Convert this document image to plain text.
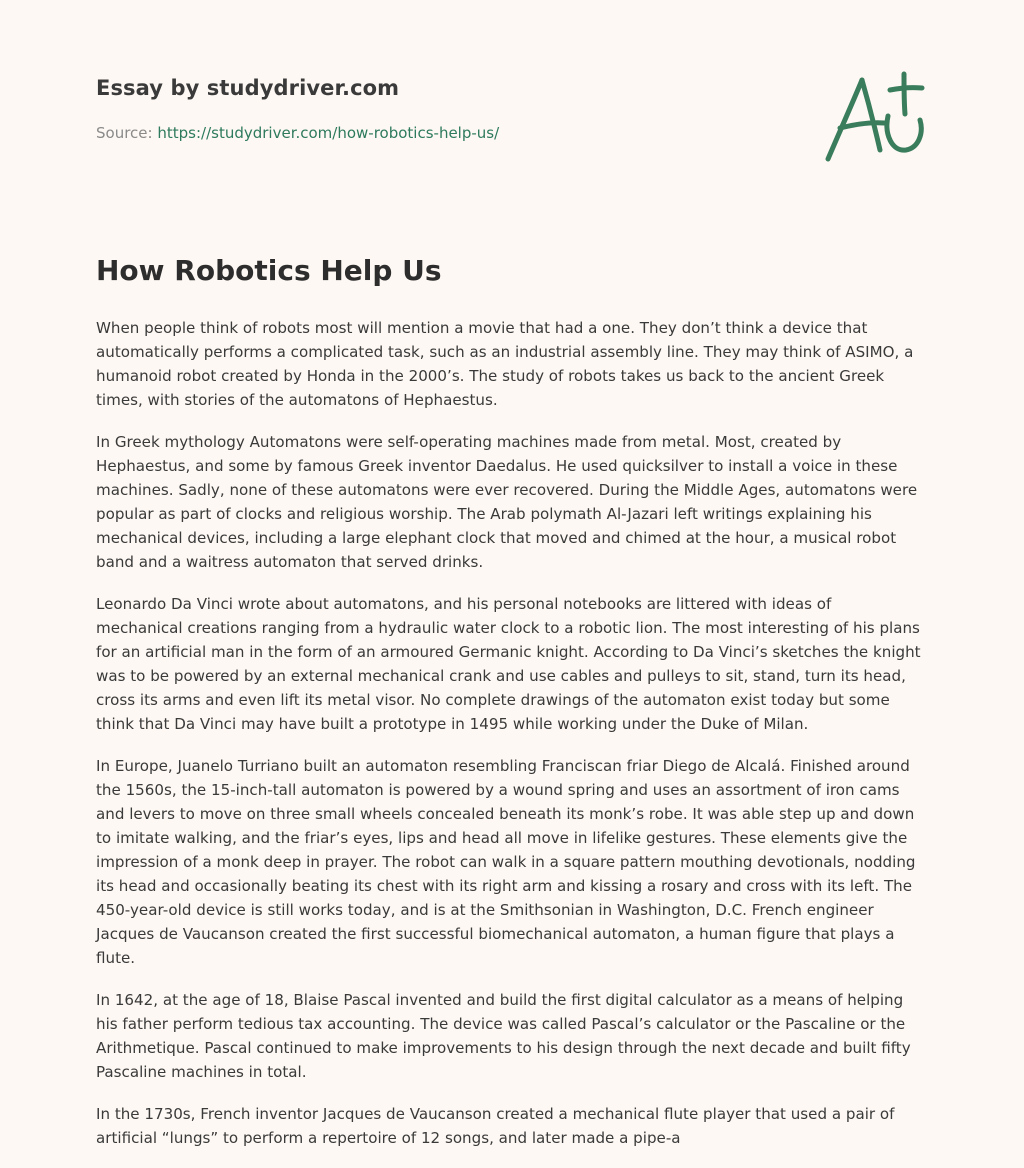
Essay by studydriver.com

Source: https://studydriver.com/how-robotics-help-us/

How Robotics Help Us

When people think of robots most will mention a movie that had a one. They don’t think a device that automatically performs a complicated task, such as an industrial assembly line. They may think of ASIMO, a humanoid robot created by Honda in the 2000’s. The study of robots takes us back to the ancient Greek times, with stories of the automatons of Hephaestus.

In Greek mythology Automatons were self-operating machines made from metal. Most, created by Hephaestus, and some by famous Greek inventor Daedalus. He used quicksilver to install a voice in these machines. Sadly, none of these automatons were ever recovered. During the Middle Ages, automatons were popular as part of clocks and religious worship. The Arab polymath Al-Jazari left writings explaining his mechanical devices, including a large elephant clock that moved and chimed at the hour, a musical robot band and a waitress automaton that served drinks.

Leonardo Da Vinci wrote about automatons, and his personal notebooks are littered with ideas of mechanical creations ranging from a hydraulic water clock to a robotic lion. The most interesting of his plans for an artificial man in the form of an armoured Germanic knight. According to Da Vinci’s sketches the knight was to be powered by an external mechanical crank and use cables and pulleys to sit, stand, turn its head, cross its arms and even lift its metal visor. No complete drawings of the automaton exist today but some think that Da Vinci may have built a prototype in 1495 while working under the Duke of Milan.

In Europe, Juanelo Turriano built an automaton resembling Franciscan friar Diego de Alcalá. Finished around the 1560s, the 15-inch-tall automaton is powered by a wound spring and uses an assortment of iron cams and levers to move on three small wheels concealed beneath its monk’s robe. It was able step up and down to imitate walking, and the friar’s eyes, lips and head all move in lifelike gestures. These elements give the impression of a monk deep in prayer. The robot can walk in a square pattern mouthing devotionals, nodding its head and occasionally beating its chest with its right arm and kissing a rosary and cross with its left. The 450-year-old device is still works today, and is at the Smithsonian in Washington, D.C. French engineer Jacques de Vaucanson created the first successful biomechanical automaton, a human figure that plays a flute.

In 1642, at the age of 18, Blaise Pascal invented and build the first digital calculator as a means of helping his father perform tedious tax accounting. The device was called Pascal’s calculator or the Pascaline or the Arithmetique. Pascal continued to make improvements to his design through the next decade and built fifty Pascaline machines in total.

In the 1730s, French inventor Jacques de Vaucanson created a mechanical flute player that used a pair of artificial “lungs” to perform a repertoire of 12 songs, and later made a pipe-a
